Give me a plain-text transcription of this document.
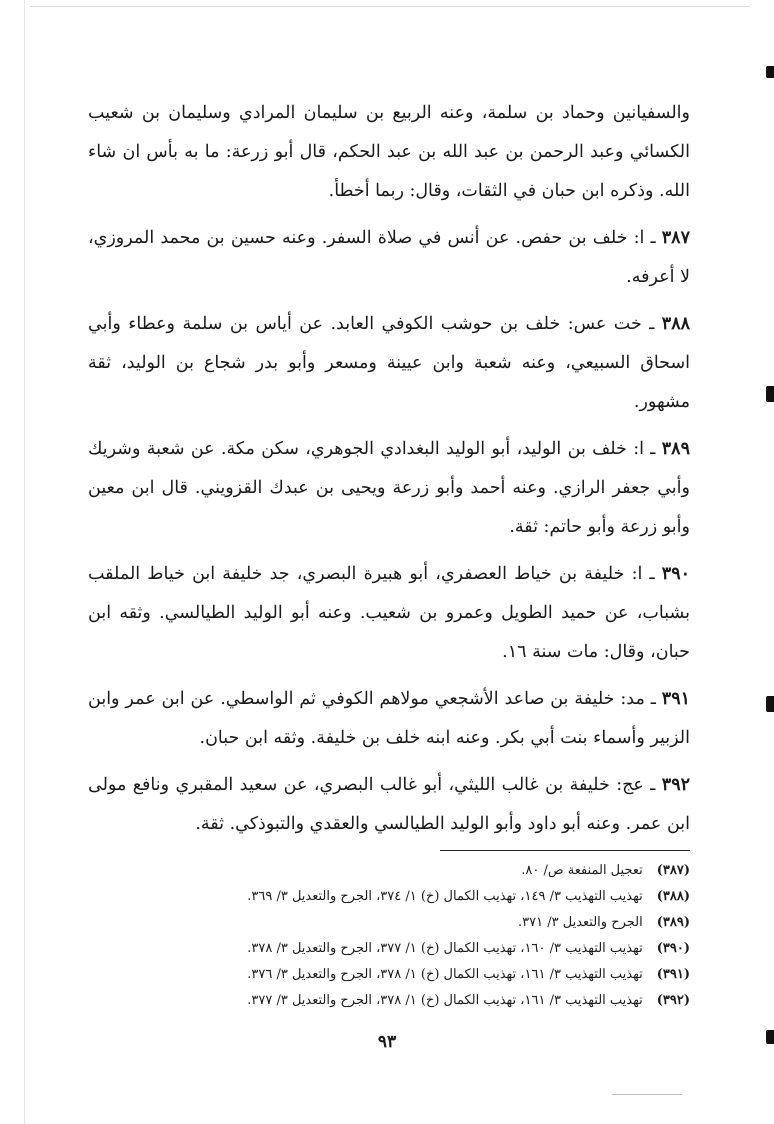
والسفيانين وحماد بن سلمة، وعنه الربيع بن سليمان المرادي وسليمان بن شعيب الكسائي وعبد الرحمن بن عبد الله بن عبد الحكم، قال أبو زرعة: ما به بأس ان شاء الله. وذكره ابن حبان في الثقات، وقال: ربما أخطأ.

٣٨٧ ـ ا: خلف بن حفص. عن أنس في صلاة السفر. وعنه حسين بن محمد المروزي، لا أعرفه.

٣٨٨ ـ خت عس: خلف بن حوشب الكوفي العابد. عن أياس بن سلمة وعطاء وأبي اسحاق السبيعي، وعنه شعبة وابن عيينة ومسعر وأبو بدر شجاع بن الوليد، ثقة مشهور.

٣٨٩ ـ ا: خلف بن الوليد، أبو الوليد البغدادي الجوهري، سكن مكة. عن شعبة وشريك وأبي جعفر الرازي. وعنه أحمد وأبو زرعة ويحيى بن عبدك القزويني. قال ابن معين وأبو زرعة وأبو حاتم: ثقة.

٣٩٠ ـ ا: خليفة بن خياط العصفري، أبو هبيرة البصري، جد خليفة ابن خياط الملقب بشباب، عن حميد الطويل وعمرو بن شعيب. وعنه أبو الوليد الطيالسي. وثقه ابن حبان، وقال: مات سنة ١٦.

٣٩١ ـ مد: خليفة بن صاعد الأشجعي مولاهم الكوفي ثم الواسطي. عن ابن عمر وابن الزبير وأسماء بنت أبي بكر. وعنه ابنه خلف بن خليفة. وثقه ابن حبان.

٣٩٢ ـ عج: خليفة بن غالب الليثي، أبو غالب البصري، عن سعيد المقبري ونافع مولى ابن عمر. وعنه أبو داود وأبو الوليد الطيالسي والعقدي والتبوذكي. ثقة.

(٣٨٧)تعجيل المنفعة ص/ ٨٠.
(٣٨٨)تهذيب التهذيب ٣/ ١٤٩، تهذيب الكمال (خ) ١/ ٣٧٤، الجرح والتعديل ٣/ ٣٦٩.
(٣٨٩)الجرح والتعديل ٣/ ٣٧١.
(٣٩٠)تهذيب التهذيب ٣/ ١٦٠، تهذيب الكمال (خ) ١/ ٣٧٧، الجرح والتعديل ٣/ ٣٧٨.
(٣٩١)تهذيب التهذيب ٣/ ١٦١، تهذيب الكمال (خ) ١/ ٣٧٨، الجرح والتعديل ٣/ ٣٧٦.
(٣٩٢)تهذيب التهذيب ٣/ ١٦١، تهذيب الكمال (خ) ١/ ٣٧٨، الجرح والتعديل ٣/ ٣٧٧.
٩٣
